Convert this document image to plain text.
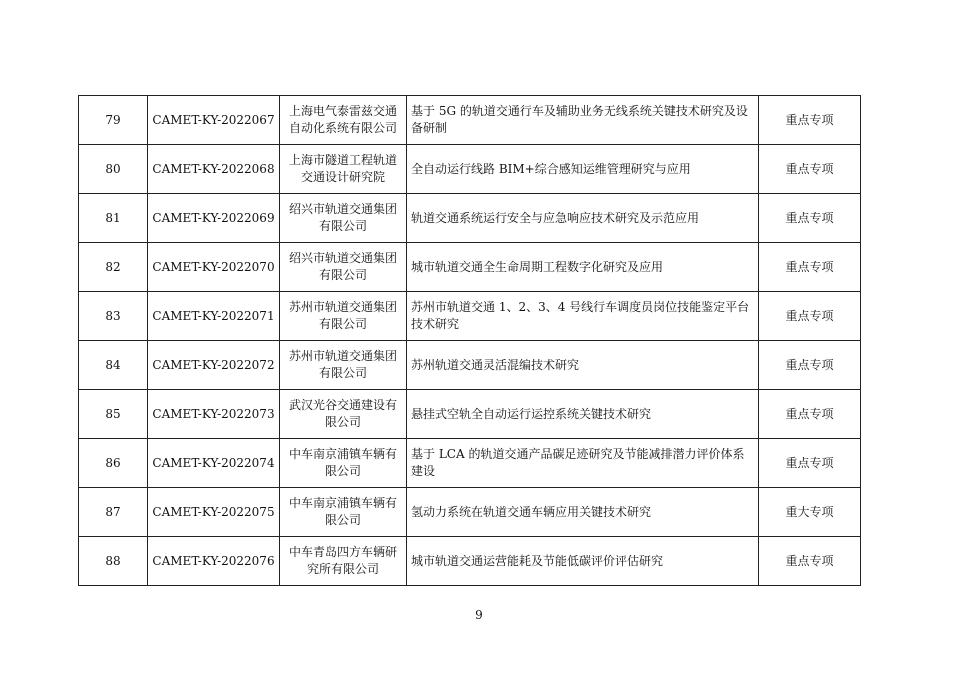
79	CAMET-KY-2022067	上海电气泰雷兹交通自动化系统有限公司	基于 5G 的轨道交通行车及辅助业务无线系统关键技术研究及设备研制	重点专项
80	CAMET-KY-2022068	上海市隧道工程轨道交通设计研究院	全自动运行线路 BIM+综合感知运维管理研究与应用	重点专项
81	CAMET-KY-2022069	绍兴市轨道交通集团有限公司	轨道交通系统运行安全与应急响应技术研究及示范应用	重点专项
82	CAMET-KY-2022070	绍兴市轨道交通集团有限公司	城市轨道交通全生命周期工程数字化研究及应用	重点专项
83	CAMET-KY-2022071	苏州市轨道交通集团有限公司	苏州市轨道交通 1、2、3、4 号线行车调度员岗位技能鉴定平台技术研究	重点专项
84	CAMET-KY-2022072	苏州市轨道交通集团有限公司	苏州轨道交通灵活混编技术研究	重点专项
85	CAMET-KY-2022073	武汉光谷交通建设有限公司	悬挂式空轨全自动运行运控系统关键技术研究	重点专项
86	CAMET-KY-2022074	中车南京浦镇车辆有限公司	基于 LCA 的轨道交通产品碳足迹研究及节能减排潜力评价体系建设	重点专项
87	CAMET-KY-2022075	中车南京浦镇车辆有限公司	氢动力系统在轨道交通车辆应用关键技术研究	重大专项
88	CAMET-KY-2022076	中车青岛四方车辆研究所有限公司	城市轨道交通运营能耗及节能低碳评价评估研究	重点专项
9
